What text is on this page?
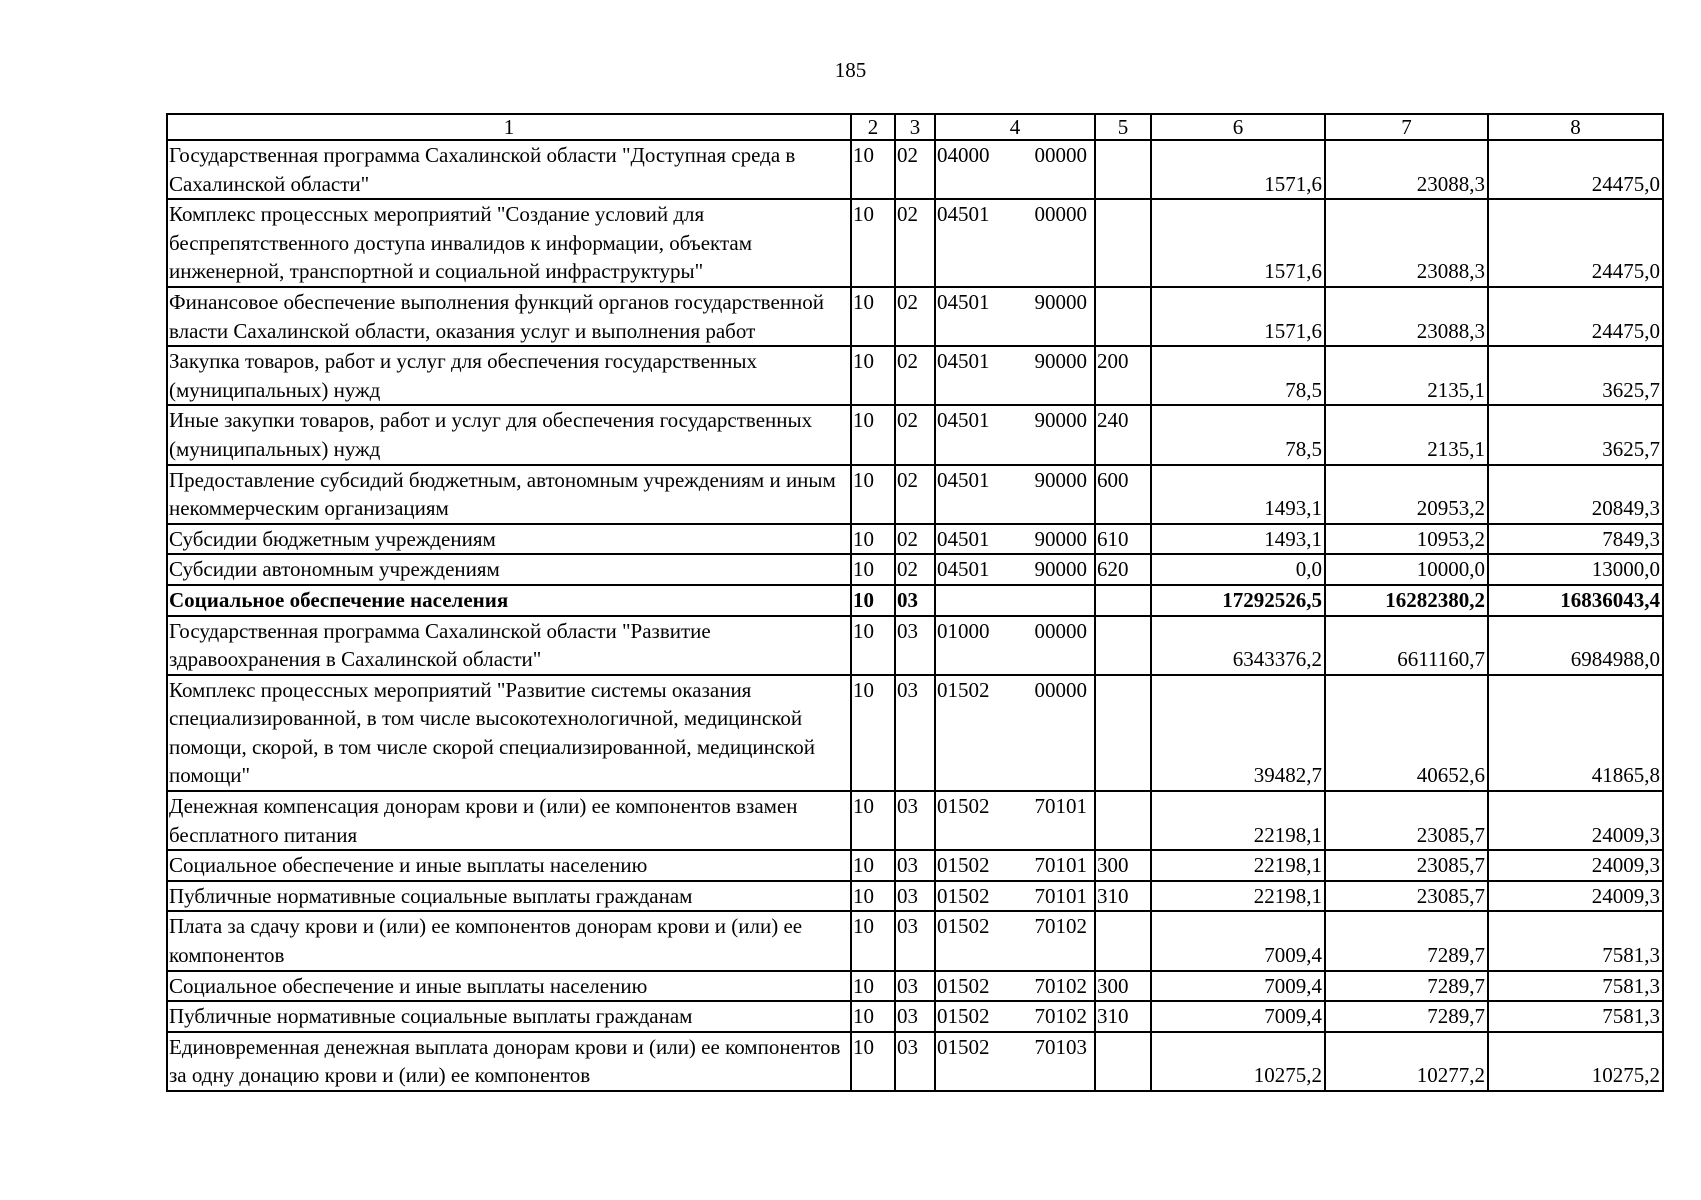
185
1	2	3	4	5	6	7	8
Государственная программа Сахалинской области "Доступная среда в Сахалинской области"	10	02	04000 00000		1571,6	23088,3	24475,0
Комплекс процессных мероприятий "Создание условий для беспрепятственного доступа инвалидов к информации, объектам инженерной, транспортной и социальной инфраструктуры"	10	02	04501 00000		1571,6	23088,3	24475,0
Финансовое обеспечение выполнения функций органов государственной власти Сахалинской области, оказания услуг и выполнения работ	10	02	04501 90000		1571,6	23088,3	24475,0
Закупка товаров, работ и услуг для обеспечения государственных (муниципальных) нужд	10	02	04501 90000	200	78,5	2135,1	3625,7
Иные закупки товаров, работ и услуг для обеспечения государственных (муниципальных) нужд	10	02	04501 90000	240	78,5	2135,1	3625,7
Предоставление субсидий бюджетным, автономным учреждениям и иным некоммерческим организациям	10	02	04501 90000	600	1493,1	20953,2	20849,3
Субсидии бюджетным учреждениям	10	02	04501 90000	610	1493,1	10953,2	7849,3
Субсидии автономным учреждениям	10	02	04501 90000	620	0,0	10000,0	13000,0
Социальное обеспечение населения	10	03			17292526,5	16282380,2	16836043,4
Государственная программа Сахалинской области "Развитие здравоохранения в Сахалинской области"	10	03	01000 00000		6343376,2	6611160,7	6984988,0
Комплекс процессных мероприятий "Развитие системы оказания специализированной, в том числе высокотехнологичной, медицинской помощи, скорой, в том числе скорой специализированной, медицинской помощи"	10	03	01502 00000		39482,7	40652,6	41865,8
Денежная компенсация донорам крови и (или) ее компонентов взамен бесплатного питания	10	03	01502 70101		22198,1	23085,7	24009,3
Социальное обеспечение и иные выплаты населению	10	03	01502 70101	300	22198,1	23085,7	24009,3
Публичные нормативные социальные выплаты гражданам	10	03	01502 70101	310	22198,1	23085,7	24009,3
Плата за сдачу крови и (или) ее компонентов донорам крови и (или) ее компонентов	10	03	01502 70102		7009,4	7289,7	7581,3
Социальное обеспечение и иные выплаты населению	10	03	01502 70102	300	7009,4	7289,7	7581,3
Публичные нормативные социальные выплаты гражданам	10	03	01502 70102	310	7009,4	7289,7	7581,3
Единовременная денежная выплата донорам крови и (или) ее компонентов за одну донацию крови и (или) ее компонентов	10	03	01502 70103		10275,2	10277,2	10275,2
